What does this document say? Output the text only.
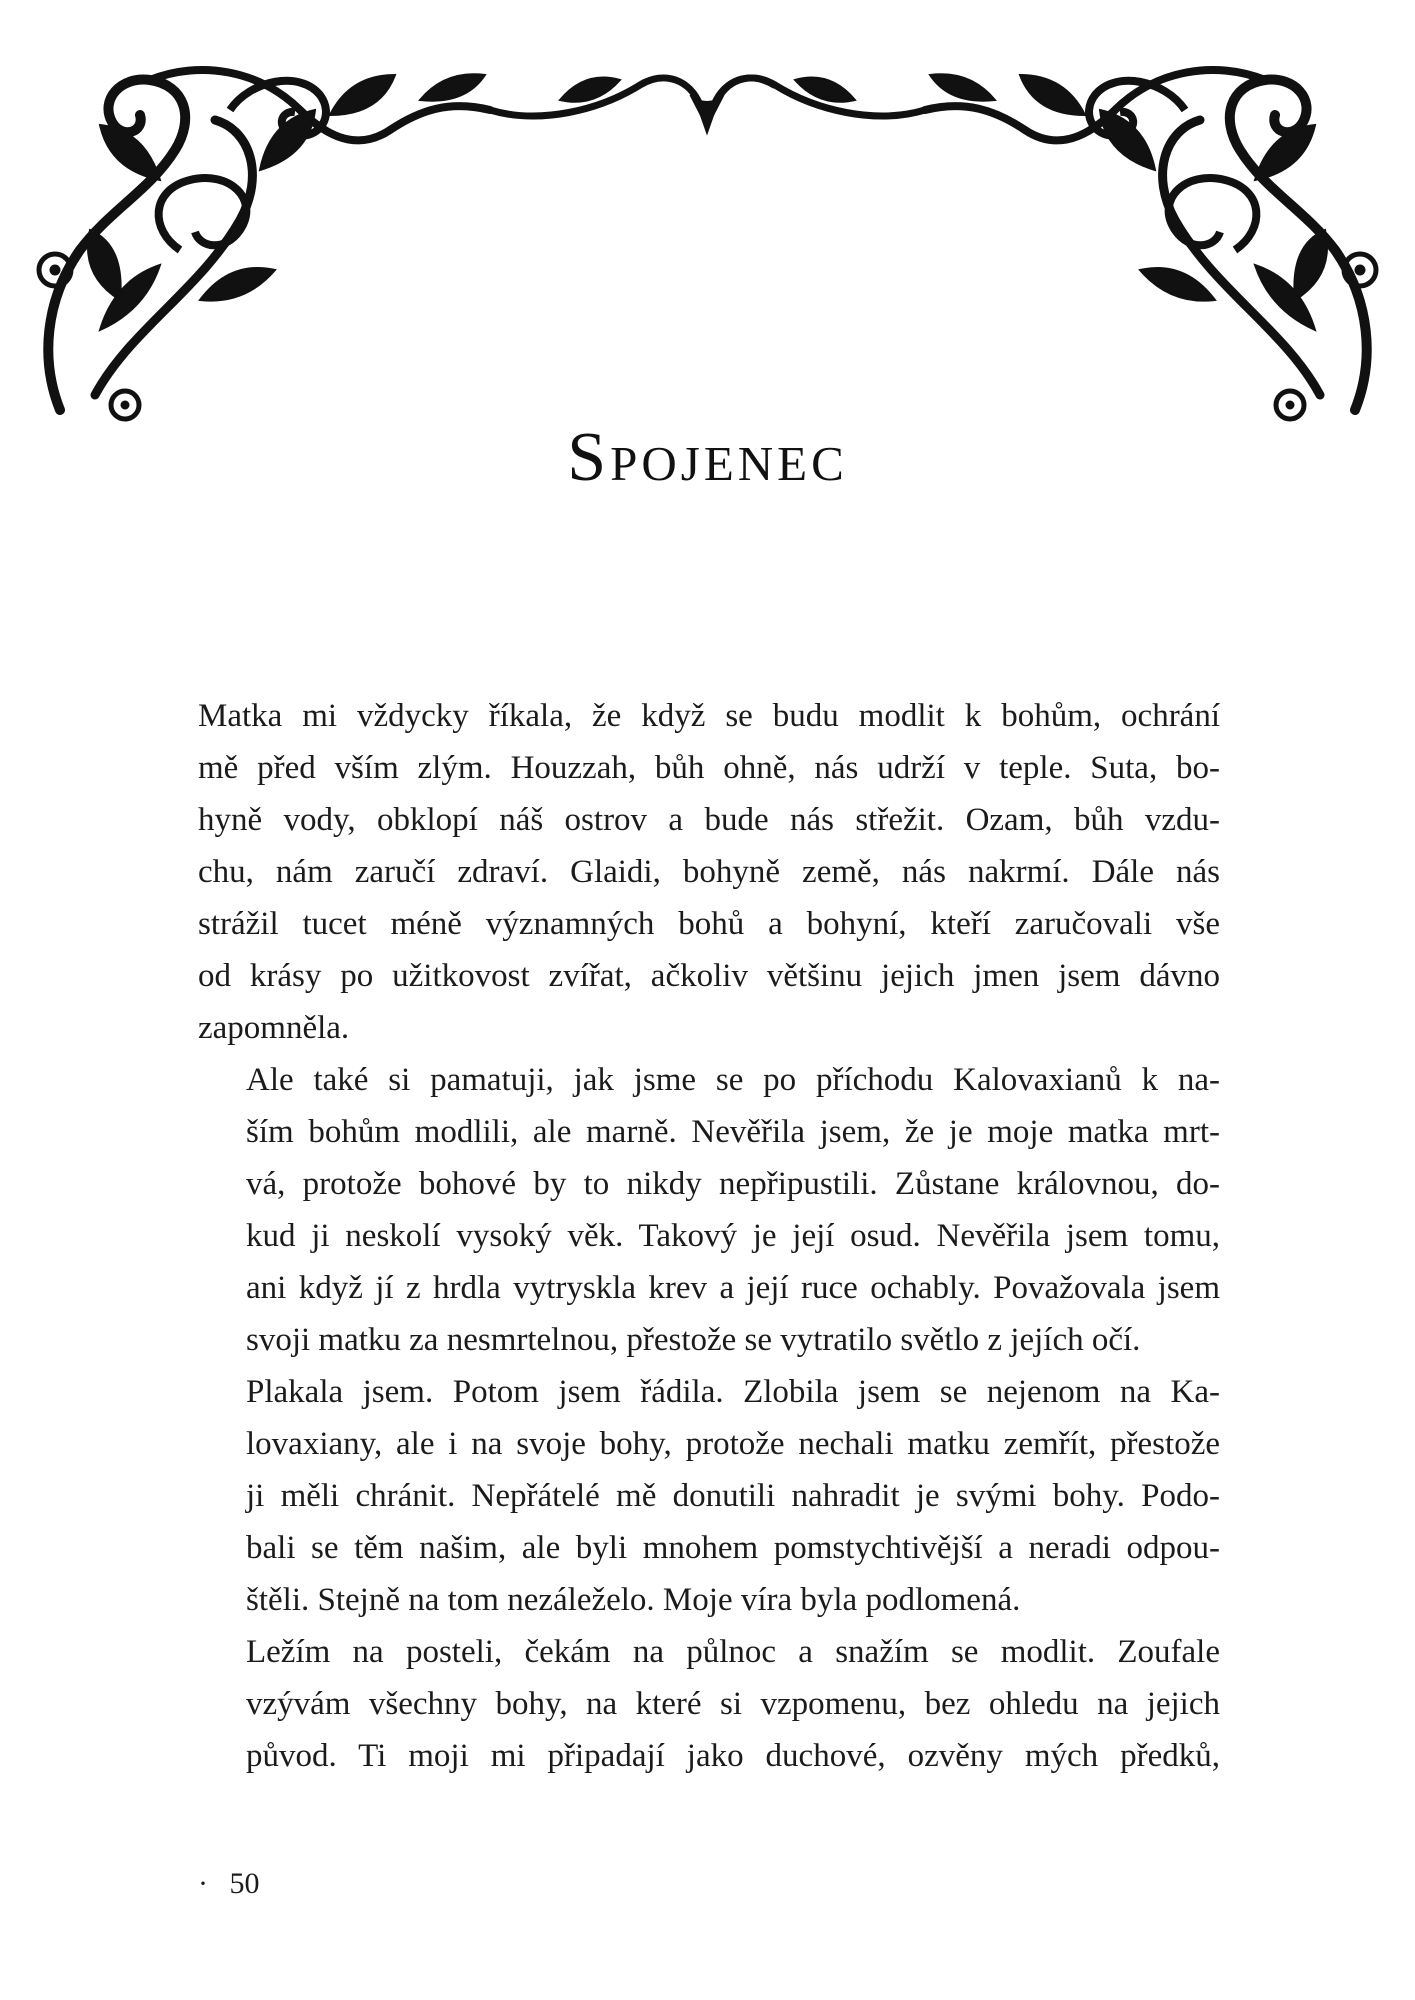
Spojenec

Matka mi vždycky říkala, že když se budu modlit k bohům, ochrání
mě před vším zlým. Houzzah, bůh ohně, nás udrží v teple. Suta, bo-
hyně vody, obklopí náš ostrov a bude nás střežit. Ozam, bůh vzdu-
chu, nám zaručí zdraví. Glaidi, bohyně země, nás nakrmí. Dále nás
strážil tucet méně významných bohů a bohyní, kteří zaručovali vše
od krásy po užitkovost zvířat, ačkoliv většinu jejich jmen jsem dávno
zapomněla.

Ale také si pamatuji, jak jsme se po příchodu Kalovaxianů k na-
ším bohům modlili, ale marně. Nevěřila jsem, že je moje matka mrt-
vá, protože bohové by to nikdy nepřipustili. Zůstane královnou, do-
kud ji neskolí vysoký věk. Takový je její osud. Nevěřila jsem tomu,
ani když jí z hrdla vytryskla krev a její ruce ochably. Považovala jsem
svoji matku za nesmrtelnou, přestože se vytratilo světlo z jejích očí.

Plakala jsem. Potom jsem řádila. Zlobila jsem se nejenom na Ka-
lovaxiany, ale i na svoje bohy, protože nechali matku zemřít, přestože
ji měli chránit. Nepřátelé mě donutili nahradit je svými bohy. Podo-
bali se těm našim, ale byli mnohem pomstychtivější a neradi odpou-
štěli. Stejně na tom nezáleželo. Moje víra byla podlomená.

Ležím na posteli, čekám na půlnoc a snažím se modlit. Zoufale
vzývám všechny bohy, na které si vzpomenu, bez ohledu na jejich
původ. Ti moji mi připadají jako duchové, ozvěny mých předků,

· 50
